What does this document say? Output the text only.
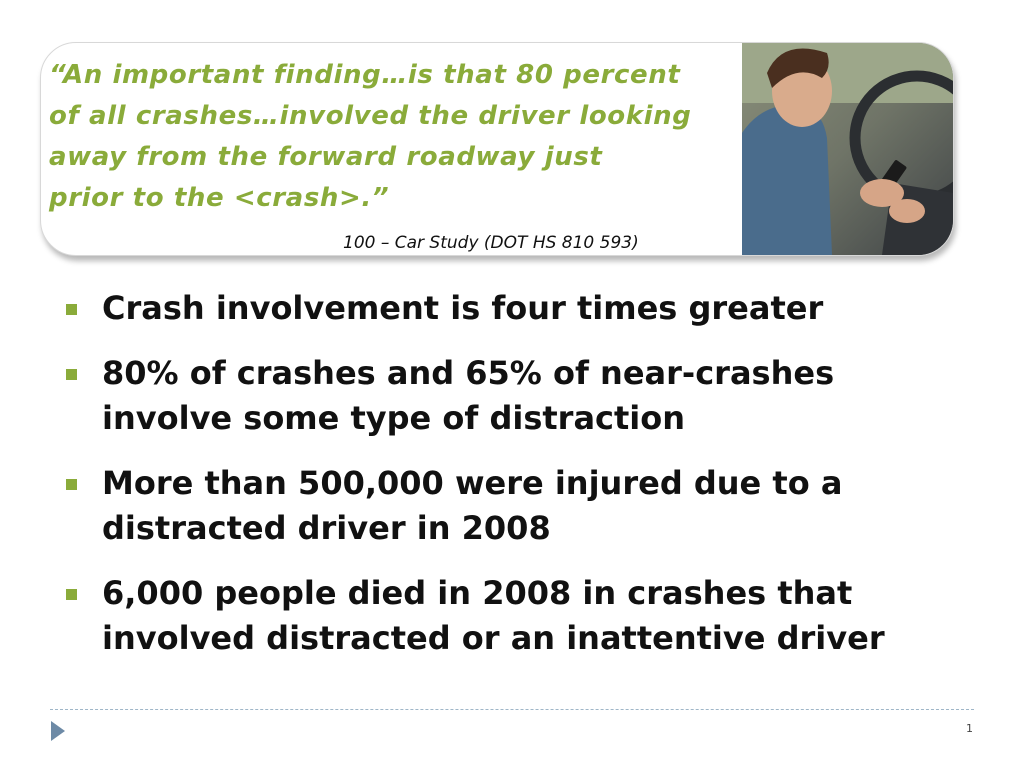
“An important finding…is that 80 percent
of all crashes…involved the driver looking
away from the forward roadway just
prior to the <crash>.”
100 – Car Study (DOT HS 810 593)
Crash involvement is four times greater
80% of crashes and 65% of near-crashes involve some type of distraction
More than 500,000 were injured due to a distracted driver in 2008
6,000 people died in 2008 in crashes that involved distracted or an inattentive driver
1
